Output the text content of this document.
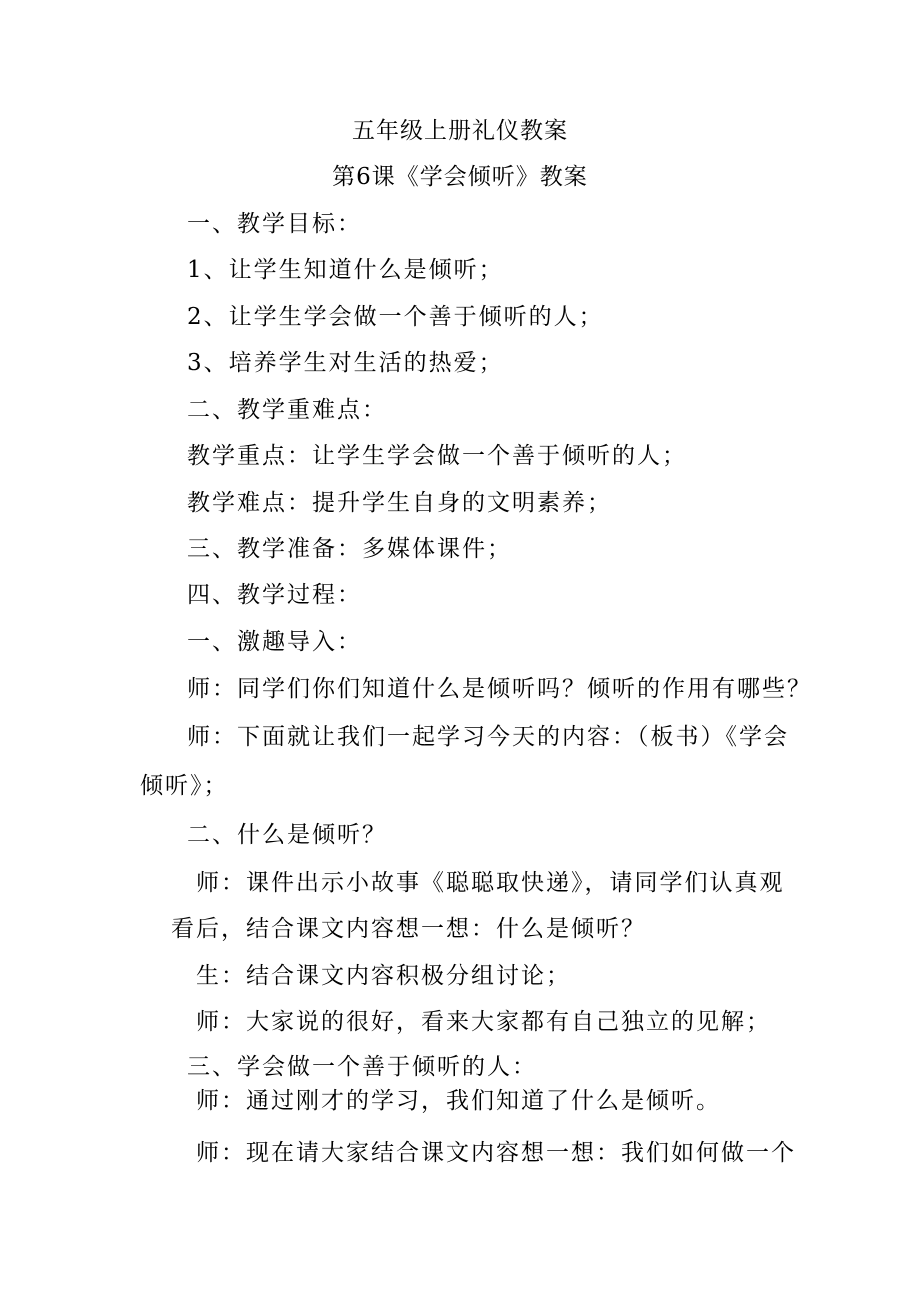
五年级上册礼仪教案
第6课《学会倾听》教案
一、教学目标：
1、让学生知道什么是倾听；
2、让学生学会做一个善于倾听的人；
3、培养学生对生活的热爱；
二、教学重难点：
教学重点：让学生学会做一个善于倾听的人；
教学难点：提升学生自身的文明素养；
三、教学准备：多媒体课件；
四、教学过程：
一、激趣导入：
师：同学们你们知道什么是倾听吗？倾听的作用有哪些？
师：下面就让我们一起学习今天的内容：（板书）《学会
倾听》；
二、什么是倾听？
师：课件出示小故事《聪聪取快递》，请同学们认真观
看后，结合课文内容想一想：什么是倾听？
生：结合课文内容积极分组讨论；
师：大家说的很好，看来大家都有自己独立的见解；
三、学会做一个善于倾听的人：
师：通过刚才的学习，我们知道了什么是倾听。
师：现在请大家结合课文内容想一想：我们如何做一个
